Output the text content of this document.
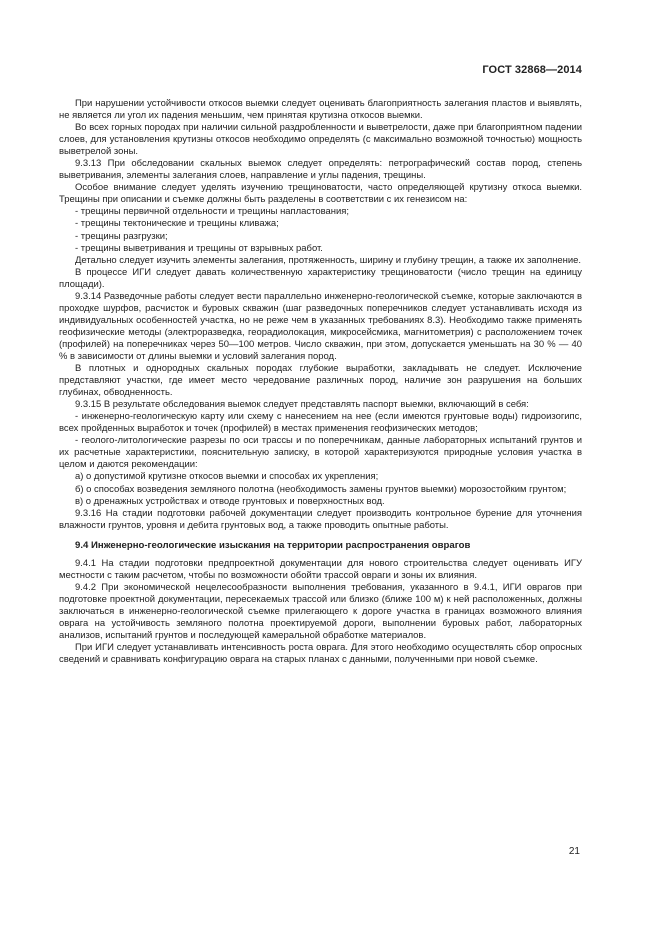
ГОСТ 32868—2014

При нарушении устойчивости откосов выемки следует оценивать благоприятность залегания пластов и выявлять, не является ли угол их падения меньшим, чем принятая крутизна откосов выемки.

Во всех горных породах при наличии сильной раздробленности и выветрелости, даже при благоприятном падении слоев, для установления крутизны откосов необходимо определять (с максимально возможной точностью) мощность выветрелой зоны.

9.3.13 При обследовании скальных выемок следует определять: петрографический состав пород, степень выветривания, элементы залегания слоев, направление и углы падения, трещины.

Особое внимание следует уделять изучению трещиноватости, часто определяющей крутизну откоса выемки. Трещины при описании и съемке должны быть разделены в соответствии с их генезисом на:

- трещины первичной отдельности и трещины напластования;

- трещины тектонические и трещины кливажа;

- трещины разгрузки;

- трещины выветривания и трещины от взрывных работ.

Детально следует изучить элементы залегания, протяженность, ширину и глубину трещин, а также их заполнение.

В процессе ИГИ следует давать количественную характеристику трещиноватости (число трещин на единицу площади).

9.3.14 Разведочные работы следует вести параллельно инженерно-геологической съемке, которые заключаются в проходке шурфов, расчисток и буровых скважин (шаг разведочных поперечников следует устанавливать исходя из индивидуальных особенностей участка, но не реже чем в указанных требованиях 8.3). Необходимо также применять геофизические методы (электроразведка, георадиолокация, микросейсмика, магнитометрия) с расположением точек (профилей) на поперечниках через 50—100 метров. Число скважин, при этом, допускается уменьшать на 30 % — 40 % в зависимости от длины выемки и условий залегания пород.

В плотных и однородных скальных породах глубокие выработки, закладывать не следует. Исключение представляют участки, где имеет место чередование различных пород, наличие зон разрушения на больших глубинах, обводненность.

9.3.15 В результате обследования выемок следует представлять паспорт выемки, включающий в себя:

- инженерно-геологическую карту или схему с нанесением на нее (если имеются грунтовые воды) гидроизогипс, всех пройденных выработок и точек (профилей) в местах применения геофизических методов;

- геолого-литологические разрезы по оси трассы и по поперечникам, данные лабораторных испытаний грунтов и их расчетные характеристики, пояснительную записку, в которой характеризуются природные условия участка в целом и даются рекомендации:

а) о допустимой крутизне откосов выемки и способах их укрепления;

б) о способах возведения земляного полотна (необходимость замены грунтов выемки) морозостойким грунтом;

в) о дренажных устройствах и отводе грунтовых и поверхностных вод.

9.3.16 На стадии подготовки рабочей документации следует производить контрольное бурение для уточнения влажности грунтов, уровня и дебита грунтовых вод, а также проводить опытные работы.

9.4 Инженерно-геологические изыскания на территории распространения оврагов

9.4.1 На стадии подготовки предпроектной документации для нового строительства следует оценивать ИГУ местности с таким расчетом, чтобы по возможности обойти трассой овраги и зоны их влияния.

9.4.2 При экономической нецелесообразности выполнения требования, указанного в 9.4.1, ИГИ оврагов при подготовке проектной документации, пересекаемых трассой или близко (ближе 100 м) к ней расположенных, должны заключаться в инженерно-геологической съемке прилегающего к дороге участка в границах возможного влияния оврага на устойчивость земляного полотна проектируемой дороги, выполнении буровых работ, лабораторных анализов, испытаний грунтов и последующей камеральной обработке материалов.

При ИГИ следует устанавливать интенсивность роста оврага. Для этого необходимо осуществлять сбор опросных сведений и сравнивать конфигурацию оврага на старых планах с данными, полученными при новой съемке.

21
